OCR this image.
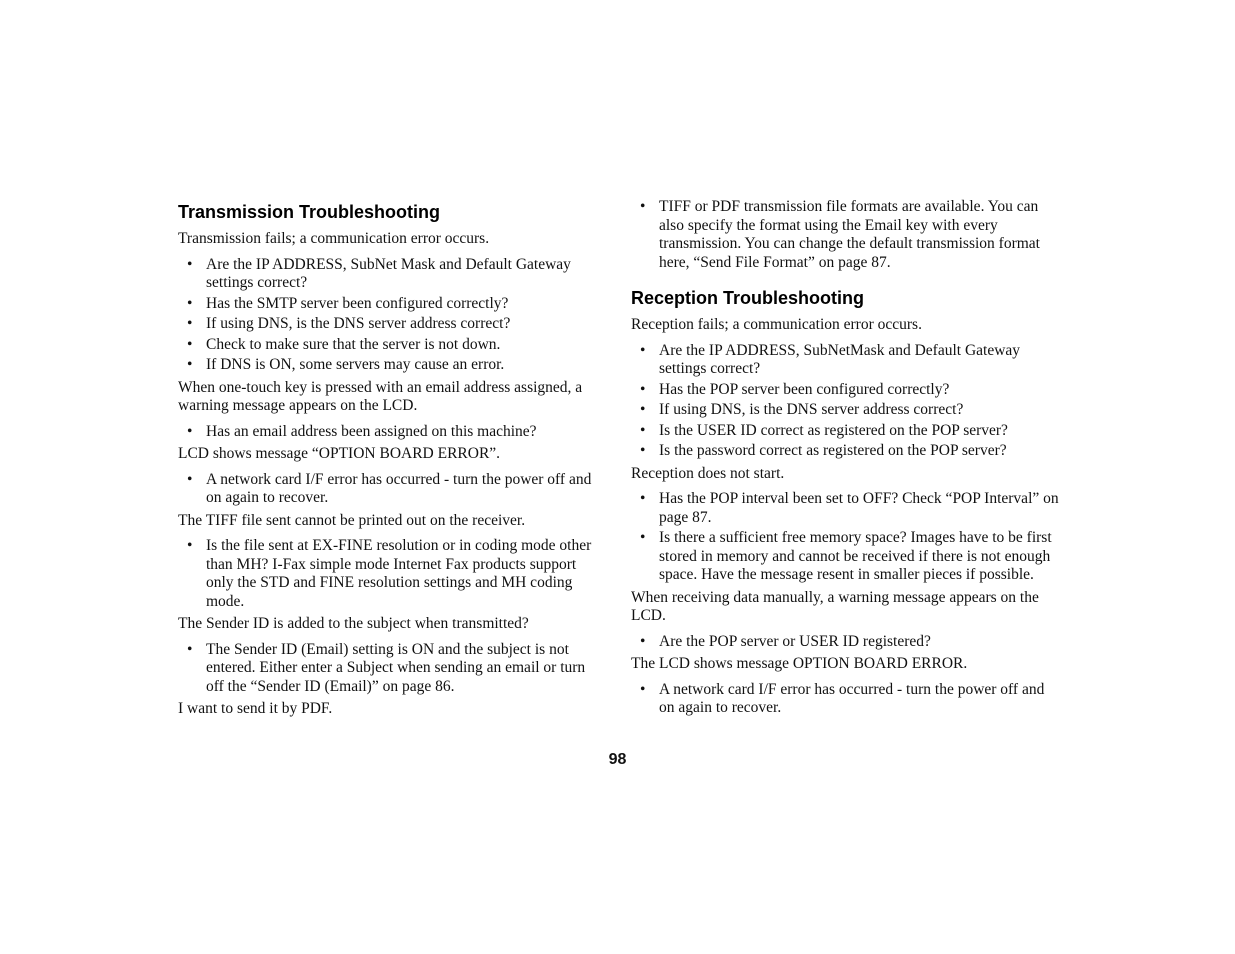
Transmission Troubleshooting

Transmission fails; a communication error occurs.

• Are the IP ADDRESS, SubNet Mask and Default Gateway settings correct?
• Has the SMTP server been configured correctly?
• If using DNS, is the DNS server address correct?
• Check to make sure that the server is not down.
• If DNS is ON, some servers may cause an error.

When one-touch key is pressed with an email address assigned, a warning message appears on the LCD.

• Has an email address been assigned on this machine?

LCD shows message “OPTION BOARD ERROR”.

• A network card I/F error has occurred - turn the power off and on again to recover.

The TIFF file sent cannot be printed out on the receiver.

• Is the file sent at EX-FINE resolution or in coding mode other than MH? I-Fax simple mode Internet Fax products support only the STD and FINE resolution settings and MH coding mode.

The Sender ID is added to the subject when transmitted?

• The Sender ID (Email) setting is ON and the subject is not entered. Either enter a Subject when sending an email or turn off the “Sender ID (Email)” on page 86.

I want to send it by PDF.

• TIFF or PDF transmission file formats are available. You can also specify the format using the Email key with every transmission. You can change the default transmission format here, “Send File Format” on page 87.
Reception Troubleshooting

Reception fails; a communication error occurs.

• Are the IP ADDRESS, SubNetMask and Default Gateway settings correct?
• Has the POP server been configured correctly?
• If using DNS, is the DNS server address correct?
• Is the USER ID correct as registered on the POP server?
• Is the password correct as registered on the POP server?

Reception does not start.

• Has the POP interval been set to OFF? Check “POP Interval” on page 87.
• Is there a sufficient free memory space? Images have to be first stored in memory and cannot be received if there is not enough space. Have the message resent in smaller pieces if possible.

When receiving data manually, a warning message appears on the LCD.

• Are the POP server or USER ID registered?

The LCD shows message OPTION BOARD ERROR.

• A network card I/F error has occurred - turn the power off and on again to recover.
98
